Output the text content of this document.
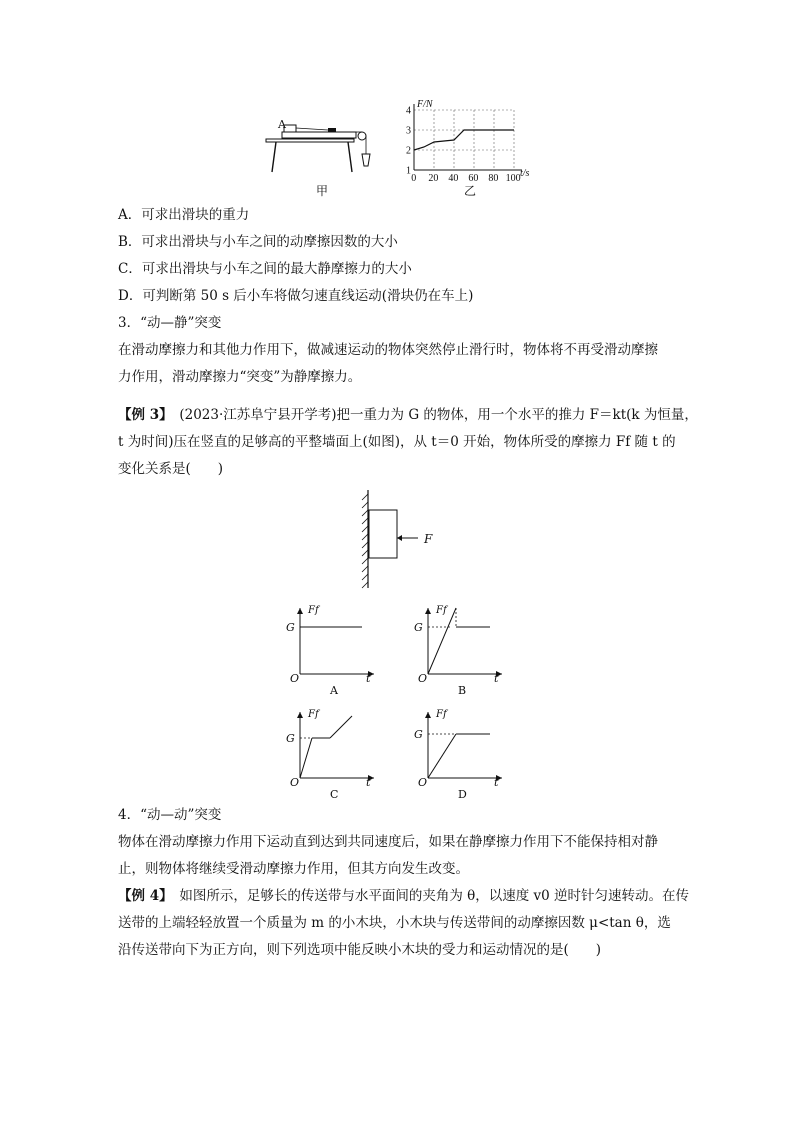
A
甲
1
2
3
4
0 20 40 60 80 100
F/N
t/s
乙
A．可求出滑块的重力
B．可求出滑块与小车之间的动摩擦因数的大小
C．可求出滑块与小车之间的最大静摩擦力的大小
D．可判断第 50 s 后小车将做匀速直线运动(滑块仍在车上)
3．“动—静”突变
在滑动摩擦力和其他力作用下，做减速运动的物体突然停止滑行时，物体将不再受滑动摩擦
力作用，滑动摩擦力“突变”为静摩擦力。
【例 3】　(2023·江苏阜宁县开学考)把一重力为 G 的物体，用一个水平的推力 F＝kt(k 为恒量，
t 为时间)压在竖直的足够高的平整墙面上(如图)，从 t＝0 开始，物体所受的摩擦力 Ff 随 t 的
变化关系是(　　)
F
Ff
G
O	t
A
Ff
G
O	t
B
Ff
G
O	t
C
Ff
G
O	t
D
4．“动—动”突变
物体在滑动摩擦力作用下运动直到达到共同速度后，如果在静摩擦力作用下不能保持相对静
止，则物体将继续受滑动摩擦力作用，但其方向发生改变。
【例 4】　如图所示，足够长的传送带与水平面间的夹角为 θ，以速度 v0 逆时针匀速转动。在传
送带的上端轻轻放置一个质量为 m 的小木块，小木块与传送带间的动摩擦因数 μ<tan θ，选
沿传送带向下为正方向，则下列选项中能反映小木块的受力和运动情况的是(　　)
